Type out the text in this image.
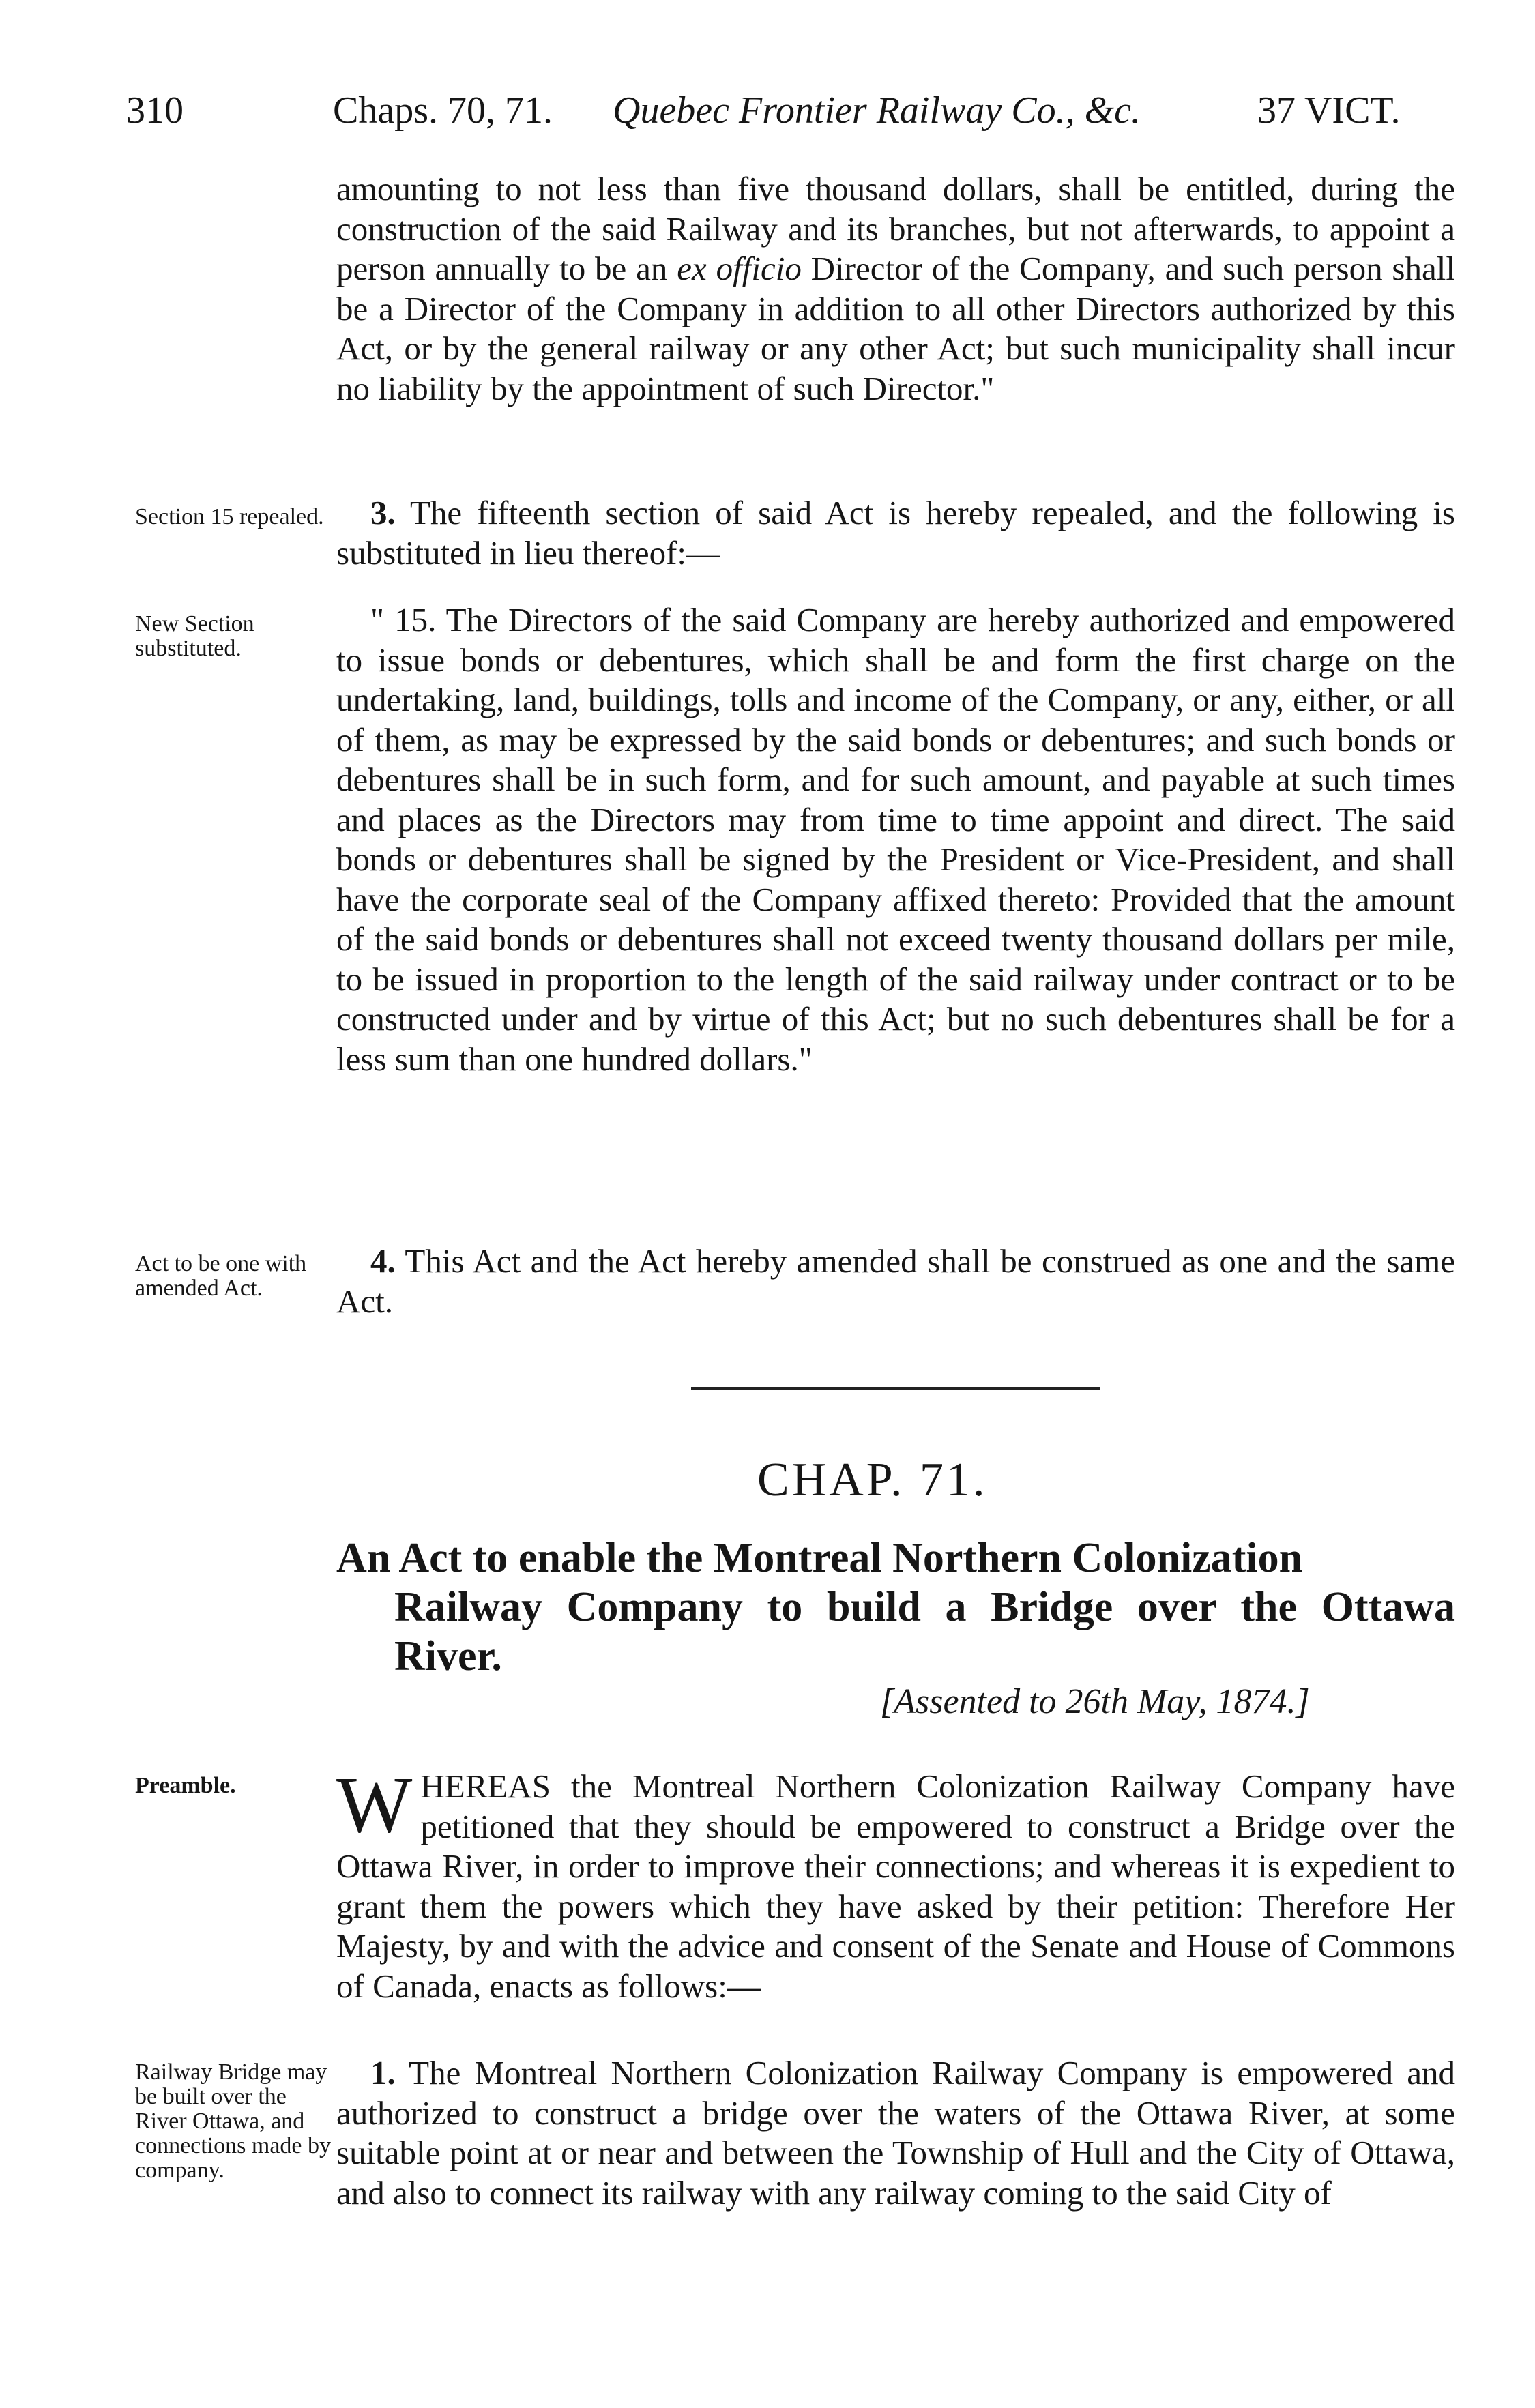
310	Chaps. 70, 71. Quebec Frontier Railway Co., &c.	37 VICT.
amounting to not less than five thousand dollars, shall be entitled, during the construction of the said Railway and its branches, but not afterwards, to appoint a person annually to be an ex officio Director of the Company, and such person shall be a Director of the Company in addition to all other Directors authorized by this Act, or by the general railway or any other Act; but such municipality shall incur no liability by the appointment of such Director."
Section 15 repealed.	3. The fifteenth section of said Act is hereby repealed, and the following is substituted in lieu thereof:—
New Section substituted.
" 15. The Directors of the said Company are hereby authorized and empowered to issue bonds or debentures, which shall be and form the first charge on the undertaking, land, buildings, tolls and income of the Company, or any, either, or all of them, as may be expressed by the said bonds or debentures; and such bonds or debentures shall be in such form, and for such amount, and payable at such times and places as the Directors may from time to time appoint and direct. The said bonds or debentures shall be signed by the President or Vice-President, and shall have the corporate seal of the Company affixed thereto: Provided that the amount of the said bonds or debentures shall not exceed twenty thousand dollars per mile, to be issued in proportion to the length of the said railway under contract or to be constructed under and by virtue of this Act; but no such debentures shall be for a less sum than one hundred dollars."
Act to be one with amended Act.
4. This Act and the Act hereby amended shall be construed as one and the same Act.
CHAP. 71.
An Act to enable the Montreal Northern Colonization
Railway Company to build a Bridge over the Ottawa River.
[Assented to 26th May, 1874.]
Preamble.	WHEREAS the Montreal Northern Colonization Railway Company have petitioned that they should be empowered to construct a Bridge over the Ottawa River, in order to improve their connections; and whereas it is expedient to grant them the powers which they have asked by their petition: Therefore Her Majesty, by and with the advice and consent of the Senate and House of Commons of Canada, enacts as follows:—
Railway Bridge may be built over the River Ottawa, and connections made by company.
1. The Montreal Northern Colonization Railway Company is empowered and authorized to construct a bridge over the waters of the Ottawa River, at some suitable point at or near and between the Township of Hull and the City of Ottawa, and also to connect its railway with any railway coming to the said City of
